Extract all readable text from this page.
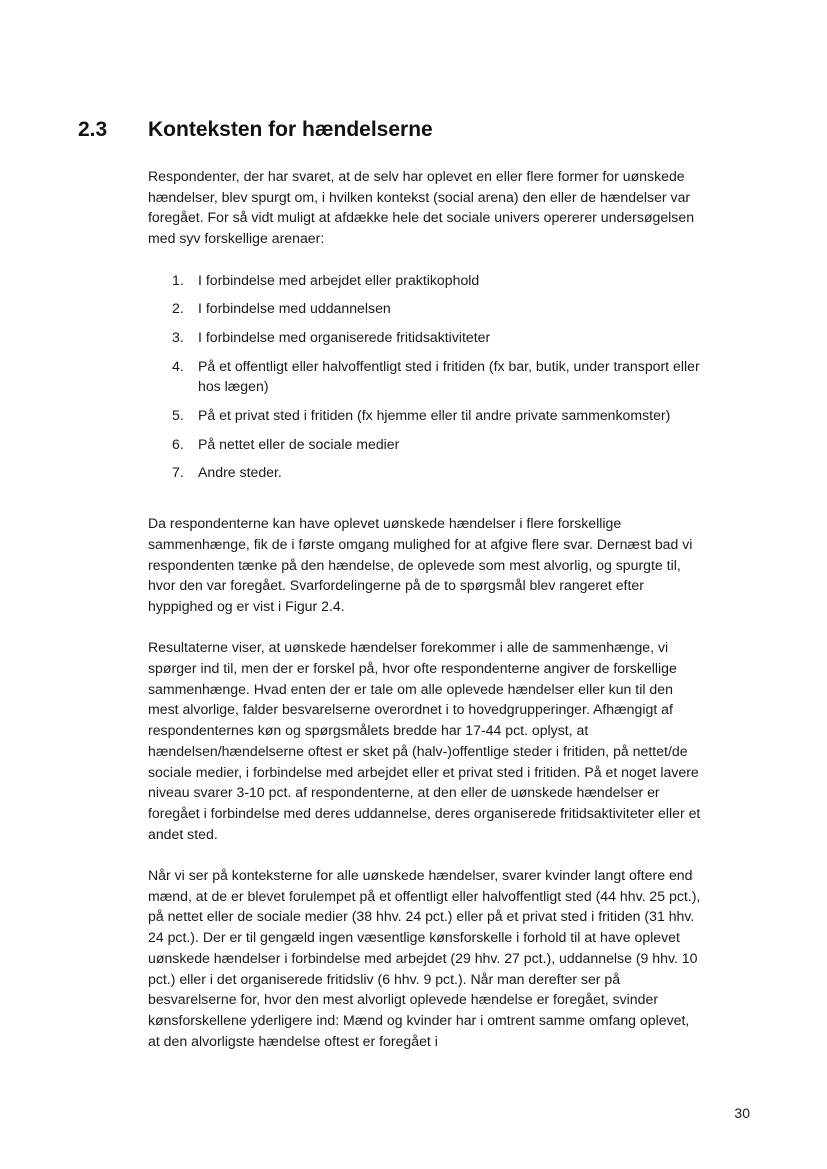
2.3 Konteksten for hændelserne

Respondenter, der har svaret, at de selv har oplevet en eller flere former for uønskede hændelser, blev spurgt om, i hvilken kontekst (social arena) den eller de hændelser var foregået. For så vidt muligt at afdække hele det sociale univers opererer undersøgelsen med syv forskellige arenaer:

1. I forbindelse med arbejdet eller praktikophold
2. I forbindelse med uddannelsen
3. I forbindelse med organiserede fritidsaktiviteter
4. På et offentligt eller halvoffentligt sted i fritiden (fx bar, butik, under transport eller hos lægen)
5. På et privat sted i fritiden (fx hjemme eller til andre private sammenkomster)
6. På nettet eller de sociale medier
7. Andre steder.

Da respondenterne kan have oplevet uønskede hændelser i flere forskellige sammenhænge, fik de i første omgang mulighed for at afgive flere svar. Dernæst bad vi respondenten tænke på den hændelse, de oplevede som mest alvorlig, og spurgte til, hvor den var foregået. Svarfordelingerne på de to spørgsmål blev rangeret efter hyppighed og er vist i Figur 2.4.

Resultaterne viser, at uønskede hændelser forekommer i alle de sammenhænge, vi spørger ind til, men der er forskel på, hvor ofte respondenterne angiver de forskellige sammenhænge. Hvad enten der er tale om alle oplevede hændelser eller kun til den mest alvorlige, falder besvarelserne overordnet i to hovedgrupperinger. Afhængigt af respondenternes køn og spørgsmålets bredde har 17-44 pct. oplyst, at hændelsen/hændelserne oftest er sket på (halv-)offentlige steder i fritiden, på nettet/de sociale medier, i forbindelse med arbejdet eller et privat sted i fritiden. På et noget lavere niveau svarer 3-10 pct. af respondenterne, at den eller de uønskede hændelser er foregået i forbindelse med deres uddannelse, deres organiserede fritidsaktiviteter eller et andet sted.

Når vi ser på konteksterne for alle uønskede hændelser, svarer kvinder langt oftere end mænd, at de er blevet forulempet på et offentligt eller halvoffentligt sted (44 hhv. 25 pct.), på nettet eller de sociale medier (38 hhv. 24 pct.) eller på et privat sted i fritiden (31 hhv. 24 pct.). Der er til gengæld ingen væsentlige kønsforskelle i forhold til at have oplevet uønskede hændelser i forbindelse med arbejdet (29 hhv. 27 pct.), uddannelse (9 hhv. 10 pct.) eller i det organiserede fritidsliv (6 hhv. 9 pct.). Når man derefter ser på besvarelserne for, hvor den mest alvorligt oplevede hændelse er foregået, svinder kønsforskellene yderligere ind: Mænd og kvinder har i omtrent samme omfang oplevet, at den alvorligste hændelse oftest er foregået i

30
